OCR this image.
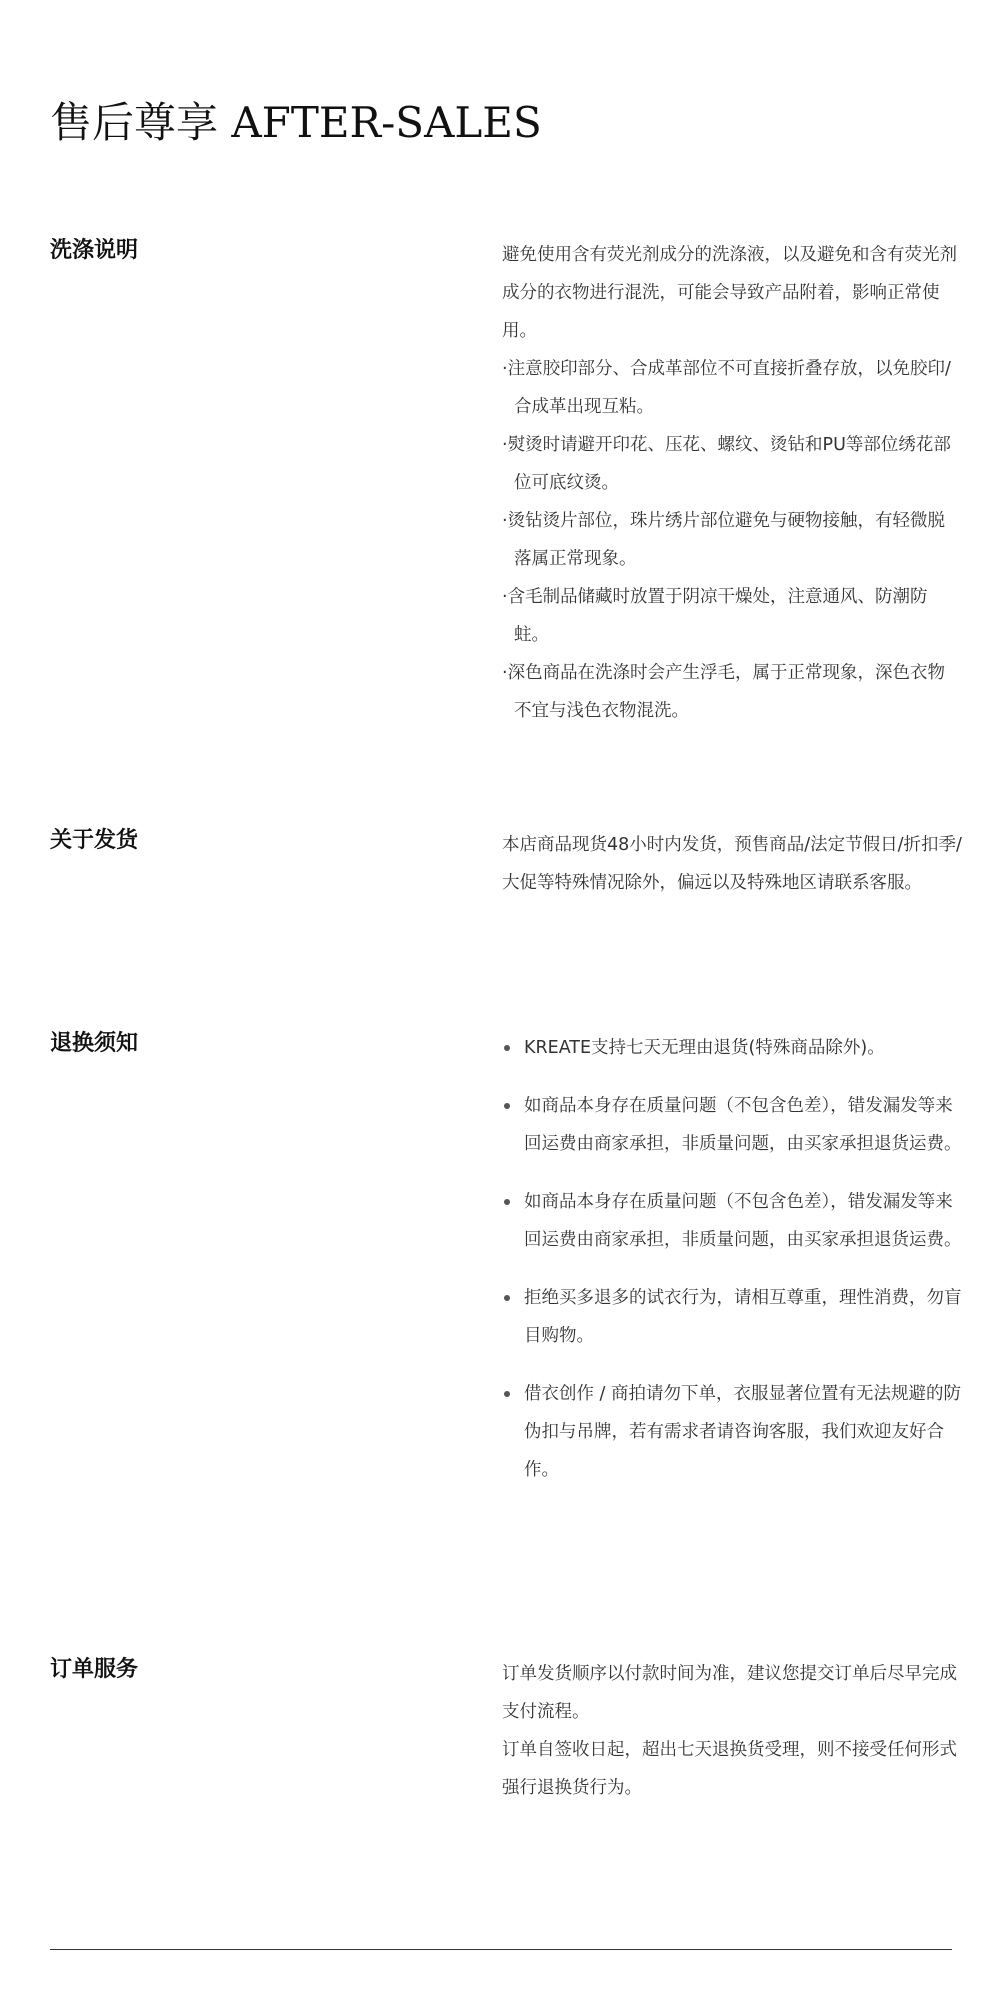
售后尊享 AFTER-SALES
洗涤说明	避免使用含有荧光剂成分的洗涤液，以及避免和含有荧光剂成分的衣物进行混洗，可能会导致产品附着，影响正常使用。

·注意胶印部分、合成革部位不可直接折叠存放，以免胶印/合成革出现互粘。

·熨烫时请避开印花、压花、螺纹、烫钻和PU等部位绣花部位可底纹烫。

·烫钻烫片部位，珠片绣片部位避免与硬物接触，有轻微脱落属正常现象。

·含毛制品储藏时放置于阴凉干燥处，注意通风、防潮防蛀。

·深色商品在洗涤时会产生浮毛，属于正常现象，深色衣物不宜与浅色衣物混洗。

关于发货	本店商品现货48小时内发货，预售商品/法定节假日/折扣季/大促等特殊情况除外，偏远以及特殊地区请联系客服。

退换须知	KREATE支持七天无理由退货(特殊商品除外)。
如商品本身存在质量问题（不包含色差），错发漏发等来回运费由商家承担，非质量问题，由买家承担退货运费。
如商品本身存在质量问题（不包含色差），错发漏发等来回运费由商家承担，非质量问题，由买家承担退货运费。
拒绝买多退多的试衣行为，请相互尊重，理性消费，勿盲目购物。
借衣创作 / 商拍请勿下单，衣服显著位置有无法规避的防伪扣与吊牌，若有需求者请咨询客服，我们欢迎友好合作。
订单服务	订单发货顺序以付款时间为准，建议您提交订单后尽早完成支付流程。

订单自签收日起，超出七天退换货受理，则不接受任何形式强行退换货行为。
